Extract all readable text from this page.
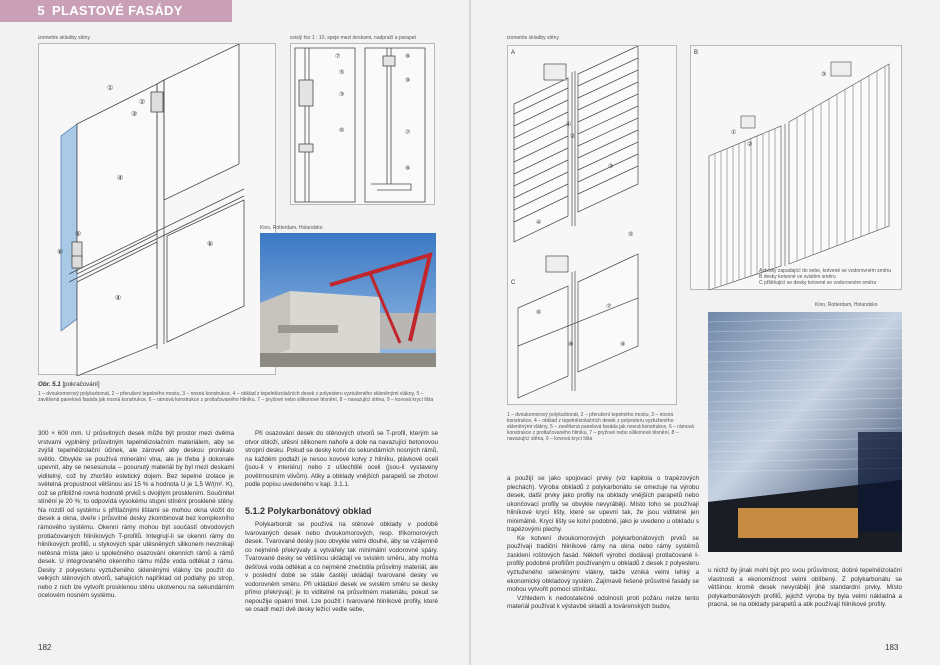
5 PLASTOVÉ FASÁDY
izometrie skladby stěny
①
②
③
④
⑤
⑥
④
⑥
svislý řez 1 : 10, spoje mezi deskami, nadpraží a parapet
⑦
⑤
③
⑥
⑧
⑨
⑦
⑧
Kino, Rotterdam, Holandsko
Obr. 5.1 [pokračování]
1 – dvoukomorový polykarbonát, 2 – přerušení tepelného mostu, 3 – nosná konstrukce, 4 – obklad z tepelněizolačních desek z polyesteru vyztuženého skleněnými vlákny, 5 – zavěšená panelová fasáda jak nosná konstrukce, 6 – rámová konstrukce z protlačovaného hliníku, 7 – pryžové nebo silikonové těsnění, 8 – navazující stěna, 9 – kovová krycí lišta

300 × 600 mm. U průsvitných desek může být prostor mezi dvěma vrstvami vyplněný průsvitným tepelněizolačním materiálem, aby se zvýšil tepelněizolační účinek, ale zároveň aby deskou pronikalo světlo. Obvykle se používá minerální vlna, ale je třeba ji dokonale upevnit, aby se nesesunula – posunutý materiál by byl mezi deskami viditelný, což by zhoršilo estetický dojem. Bez tepelné izolace je světelná propustnost většinou asi 15 % a hodnota U je 1,5 W/(m². K), což se přibližně rovná hodnotě prvků s dvojitým prosklením. Součinitel stínění je 20 %; to odpovídá vysokému stupni stínění prosklené stěny. Na rozdíl od systému s přítlačnými lištami se mohou okna vložit do desek a okna, dveře i průsvitné desky zkombinovat bez komplexního rámového systému. Okenní rámy mohou být součástí obvodových protlačovaných hliníkových T-profilů. Integrují-li se okenní rámy do hliníkových profilů, u stykových spár utěsněných silikonem nevznikají netěsná místa jako u společného osazování okenních rámů a rámů desek. U integrovaného okenního rámu může voda odtékat z rámu. Desky z polyesteru vyztuženého skleněnými vlákny lze použít do velkých stěnových otvorů, sahajících například od podlahy po strop, nebo z nich lze vytvořit prosklenou stěnu ukotvenou na sekundárním ocelovém nosném systému.

Při osazování desek do stěnových otvorů se T-profil, kterým se otvor obloží, utěsní silikonem nahoře a dole na navazující betonovou stropní desku. Pokud se desky kotví do sekundárních nosných rámů, na každém podlaží je nesou kovové kotvy z hliníku, plávkové oceli (jsou-li v interiéru) nebo z ušlechtilé oceli (jsou-li vystaveny povětrnostním vlivům). Atiky a obklady vnějších parapetů se zhotoví podle popisu uvedeného v kap. 3.1.1.

5.1.2 Polykarbonátový obklad

Polykarbonát se používá na stěnové obklady v podobě tvarovaných desek nebo dvoukomorových, resp. tříkomorových desek. Tvarované desky jsou obvykle velmi dlouhé, aby se vzájemně co nejméně překrývaly a vytvářely tak minimální vodorovné spáry. Tvarované desky se většinou ukládají ve svislém směru, aby mohla dešťová voda odtékat a co nejméně znečistila průsvitný materiál, ale v poslední době se stále častěji ukládají tvarované desky ve vodorovném směru. Při ukládání desek ve svislém směru se desky přímo překrývají; je to viditelné na průsvitném materiálu, pokud se nepoužije opakní tmel. Lze použít i tvarované hliníkové profily, které se osadí mezi dvě desky ležící vedle sebe,

182
izometrie skladby stěny
A
C
①
②
③
④
⑤
⑥
⑦
⑧	⑨
B
①
②
③
A desky zapadající do sebe, kotvené se vodorovném směru
B desky kotvené ve svislém směru
C přiléhající se desky kotvené se vodorovném směru
Kino, Rotterdam, Holandsko
1 – dvoukomorový polykarbonát, 2 – přerušení tepelného mostu, 3 – nosná konstrukce, 4 – obklad z tepelněizolačních desek z polyesteru vyztuženého skleněnými vlákny, 5 – zavěšená panelová fasáda jak nosná konstrukce, 6 – rámová konstrukce z protlačovaného hliníku, 7 – pryžové nebo silikonové těsnění, 8 – navazující stěna, 9 – kovová krycí lišta

a použijí se jako spojovací prvky (viz kapitola o trapézových plechách). Výroba obkladů z polykarbonátu se omezuje na výrobu desek, další prvky jako profily na obklady vnějších parapetů nebo ukončovací profily se obvykle nevyrábějí. Místo toho se používají hliníkové krycí lišty, které se upevní tak, že jsou viditelné jen minimálně. Krycí lišty se kotví podobně, jako je uvedeno u obkladu s trapézovými plechy.

Ke kotvení dvoukomorových polykarbonátových prvků se používají tradiční hliníkové rámy na okna nebo rámy systémů zasklení roštových fasád. Někteří výrobci dodávají protlačované I-profily podobné profilům používaným u obkladů z desek z polyesteru vyztuženého skleněnými vlákny, takže vzniká velmi lehký a ekonomický obkladový systém. Zajímavě řešené průsvitné fasády se mohou vytvořit pomocí stínítsku.

Vzhledem k nedostatečné odolnosti proti požáru nelze tento materiál používat k výstavbě skladů a továrenských budov,

u nichž by jinak mohl být pro svou průsvitnost, dobré tepelněizolační vlastnosti a ekonomičnost velmi oblíbený. Z polykarbonátu se většinou kromě desek nevyrábějí jiné standardní prvky. Místo polykarbonátových profilů, jejichž výroba by byla velmi nákladná a pracná, se na obklady parapetů a atik používají hliníkové profily.

183
